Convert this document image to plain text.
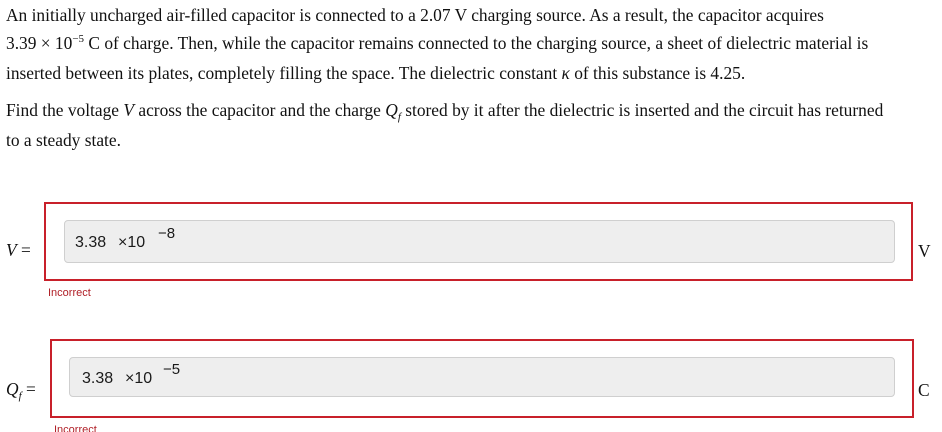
An initially uncharged air-filled capacitor is connected to a 2.07 V charging source. As a result, the capacitor acquires
$3.39 \times 10^{-5}$ C of charge. Then, while the capacitor remains connected to the charging source, a sheet of dielectric material is
inserted between its plates, completely filling the space. The dielectric constant κ of this substance is 4.25.

Find the voltage V across the capacitor and the charge $Q_f$ stored by it after the dielectric is inserted and the circuit has returned
to a steady state.

V =	3.38 ×10
−8
V
Incorrect
$Q_f$ =
3.38 ×10
−5
C
Incorrect
